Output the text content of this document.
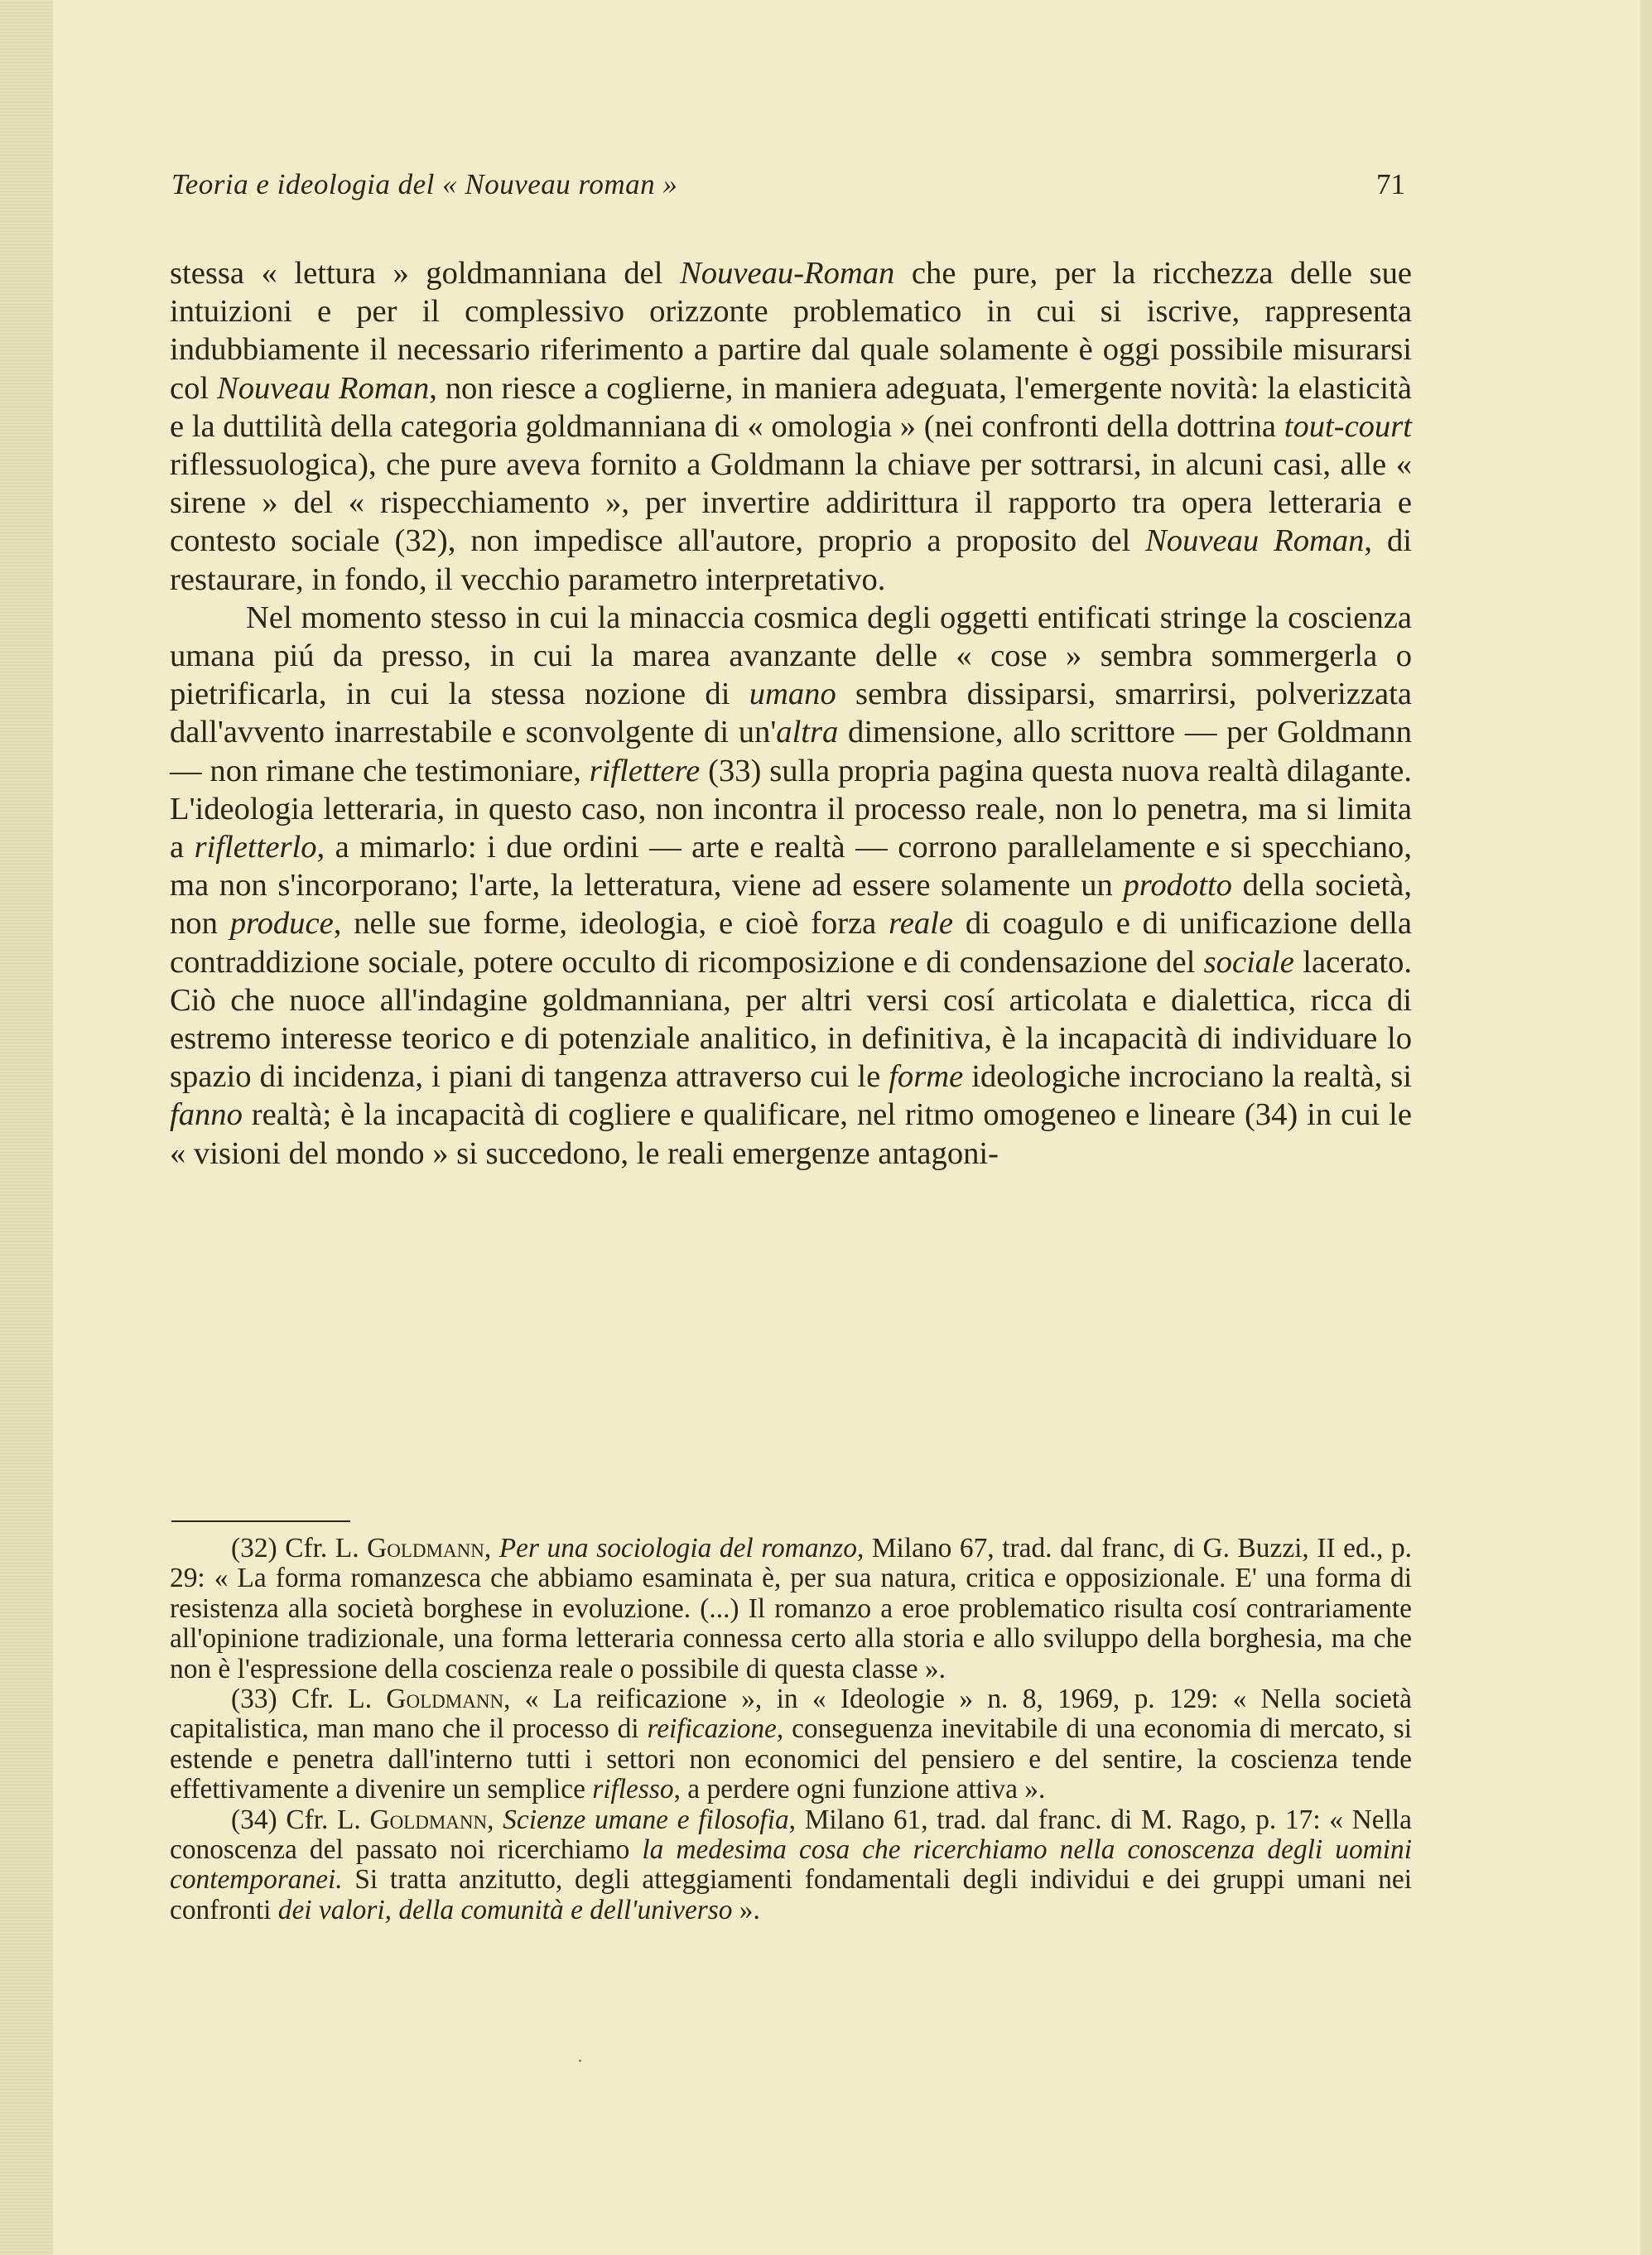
Teoria e ideologia del « Nouveau roman »	71

stessa « lettura » goldmanniana del Nouveau-Roman che pure, per la ricchezza delle sue intuizioni e per il complessivo orizzonte problematico in cui si iscrive, rappresenta indubbiamente il necessario riferimento a partire dal quale solamente è oggi possibile misurarsi col Nouveau Roman, non riesce a coglierne, in maniera adeguata, l'emergente novità: la elasticità e la duttilità della categoria goldmanniana di « omologia » (nei confronti della dottrina tout-court riflessuologica), che pure aveva fornito a Goldmann la chiave per sottrarsi, in alcuni casi, alle « sirene » del « rispecchiamento », per invertire addirittura il rapporto tra opera letteraria e contesto sociale (32), non impedisce all'autore, proprio a proposito del Nouveau Roman, di restaurare, in fondo, il vecchio parametro interpretativo.

Nel momento stesso in cui la minaccia cosmica degli oggetti entificati stringe la coscienza umana piú da presso, in cui la marea avanzante delle « cose » sembra sommergerla o pietrificarla, in cui la stessa nozione di umano sembra dissiparsi, smarrirsi, polverizzata dall'avvento inarrestabile e sconvolgente di un'altra dimensione, allo scrittore — per Goldmann — non rimane che testimoniare, riflettere (33) sulla propria pagina questa nuova realtà dilagante. L'ideologia letteraria, in questo caso, non incontra il processo reale, non lo penetra, ma si limita a rifletterlo, a mimarlo: i due ordini — arte e realtà — corrono parallelamente e si specchiano, ma non s'incorporano; l'arte, la letteratura, viene ad essere solamente un prodotto della società, non produce, nelle sue forme, ideologia, e cioè forza reale di coagulo e di unificazione della contraddizione sociale, potere occulto di ricomposizione e di condensazione del sociale lacerato. Ciò che nuoce all'indagine goldmanniana, per altri versi cosí articolata e dialettica, ricca di estremo interesse teorico e di potenziale analitico, in definitiva, è la incapacità di individuare lo spazio di incidenza, i piani di tangenza attraverso cui le forme ideologiche incrociano la realtà, si fanno realtà; è la incapacità di cogliere e qualificare, nel ritmo omogeneo e lineare (34) in cui le « visioni del mondo » si succedono, le reali emergenze antagoni-

(32) Cfr. L. Goldmann, Per una sociologia del romanzo, Milano 67, trad. dal franc, di G. Buzzi, II ed., p. 29: « La forma romanzesca che abbiamo esaminata è, per sua natura, critica e opposizionale. E' una forma di resistenza alla società borghese in evoluzione. (...) Il romanzo a eroe problematico risulta cosí contrariamente all'opinione tradizionale, una forma letteraria connessa certo alla storia e allo sviluppo della borghesia, ma che non è l'espressione della coscienza reale o possibile di questa classe ».

(33) Cfr. L. Goldmann, « La reificazione », in « Ideologie » n. 8, 1969, p. 129: « Nella società capitalistica, man mano che il processo di reificazione, conseguenza inevitabile di una economia di mercato, si estende e penetra dall'interno tutti i settori non economici del pensiero e del sentire, la coscienza tende effettivamente a divenire un semplice riflesso, a perdere ogni funzione attiva ».

(34) Cfr. L. Goldmann, Scienze umane e filosofia, Milano 61, trad. dal franc. di M. Rago, p. 17: « Nella conoscenza del passato noi ricerchiamo la medesima cosa che ricerchiamo nella conoscenza degli uomini contemporanei. Si tratta anzitutto, degli atteggiamenti fondamentali degli individui e dei gruppi umani nei confronti dei valori, della comunità e dell'universo ».
